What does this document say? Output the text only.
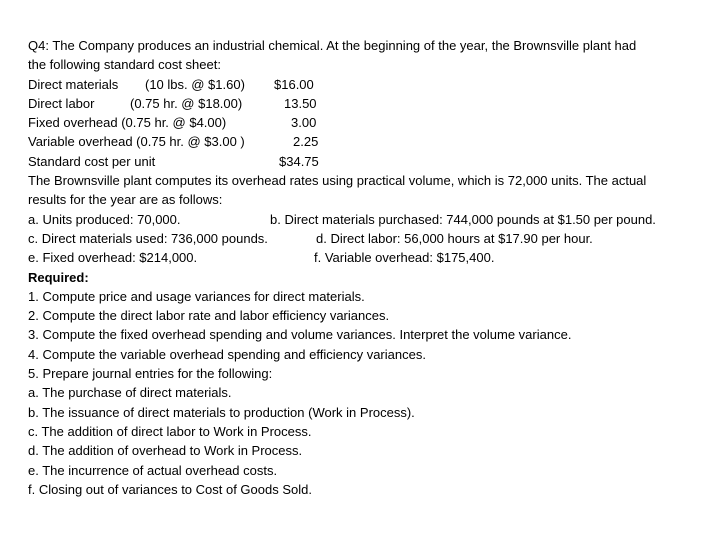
Q4: The Company produces an industrial chemical. At the beginning of the year, the Brownsville plant had
the following standard cost sheet:
Direct materials (10 lbs. @ $1.60) $16.00
Direct labor	(0.75 hr. @ $18.00)	13.50
Fixed overhead (0.75 hr. @ $4.00)	3.00
Variable overhead (0.75 hr. @ $3.00 )	2.25
Standard cost per unit	$34.75
The Brownsville plant computes its overhead rates using practical volume, which is 72,000 units. The actual
results for the year are as follows:
a. Units produced: 70,000.	b. Direct materials purchased: 744,000 pounds at $1.50 per pound.
c. Direct materials used: 736,000 pounds.	d. Direct labor: 56,000 hours at $17.90 per hour.
e. Fixed overhead: $214,000.	f. Variable overhead: $175,400.
Required:
1. Compute price and usage variances for direct materials.
2. Compute the direct labor rate and labor efficiency variances.
3. Compute the fixed overhead spending and volume variances. Interpret the volume variance.
4. Compute the variable overhead spending and efficiency variances.
5. Prepare journal entries for the following:
a. The purchase of direct materials.
b. The issuance of direct materials to production (Work in Process).
c. The addition of direct labor to Work in Process.
d. The addition of overhead to Work in Process.
e. The incurrence of actual overhead costs.
f. Closing out of variances to Cost of Goods Sold.
